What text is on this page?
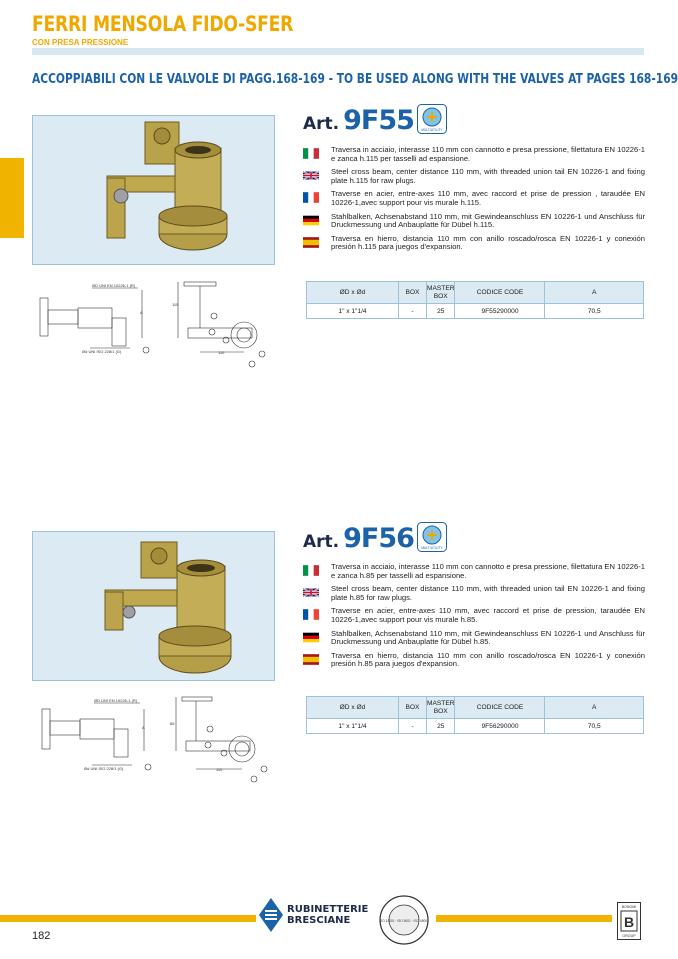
FERRI MENSOLA FIDO-SFER
CON PRESA PRESSIONE
ACCOPPIABILI CON LE VALVOLE DI PAGG.168-169 - TO BE USED ALONG WITH THE VALVES AT PAGES 168-169
ØD UNI EN 10226-1 (R)
Ød UNI ISO 228/1 (G)
A
115
110
Art. 9F55 MULTIUTILITY
Traversa in acciaio, interasse 110 mm con cannotto e presa pressione, filettatura EN 10226-1 e zanca h.115 per tasselli ad espansione.
Steel cross beam, center distance 110 mm, with threaded union tail EN 10226-1 and fixing plate h.115 for raw plugs.
Traverse en acier, entre-axes 110 mm, avec raccord et prise de pression , taraudée EN 10226-1,avec support pour vis murale h.115.
Stahlbalken, Achsenabstand 110 mm, mit Gewindeanschluss EN 10226-1 und Anschluss für Druckmessung und Anbauplatte für Dübel h.115.
Traversa en hierro, distancia 110 mm con anillo roscado/rosca EN 10226-1 y conexión presión h.115 para juegos d'expansion.
ØD x Ød	BOX	MASTER BOX	CODICE CODE	A
1" x 1"1/4	-	25	9F55290000	70,5
ØD UNI EN 10226-1 (R)
Ød UNI ISO 228/1 (G)
A
85
110
Art. 9F56 MULTIUTILITY
Traversa in acciaio, interasse 110 mm con cannotto e presa pressione, filettatura EN 10226-1 e zanca h.85 per tasselli ad espansione.
Steel cross beam, center distance 110 mm, with threaded union tail EN 10226-1 and fixing plate h.85 for raw plugs.
Traverse en acier, entre-axes 110 mm, avec raccord et prise de pression, taraudée EN 10226-1,avec support pour vis murale h.85.
Stahlbalken, Achsenabstand 110 mm, mit Gewindeanschluss EN 10226-1 und Anschluss für Druckmessung und Anbauplatte für Dübel h.85.
Traversa en hierro, distancia 110 mm con anillo roscado/rosca EN 10226-1 y conexión presión h.85 para juegos d'expansion.
ØD x Ød	BOX	MASTER BOX	CODICE CODE	A
1" x 1"1/4	-	25	9F56290000	70,5
182
RUBINETTERIE
BRESCIANE	ISO 14001 · ISO 9001 · ISO 45001
BONOMI
B
GROUP
